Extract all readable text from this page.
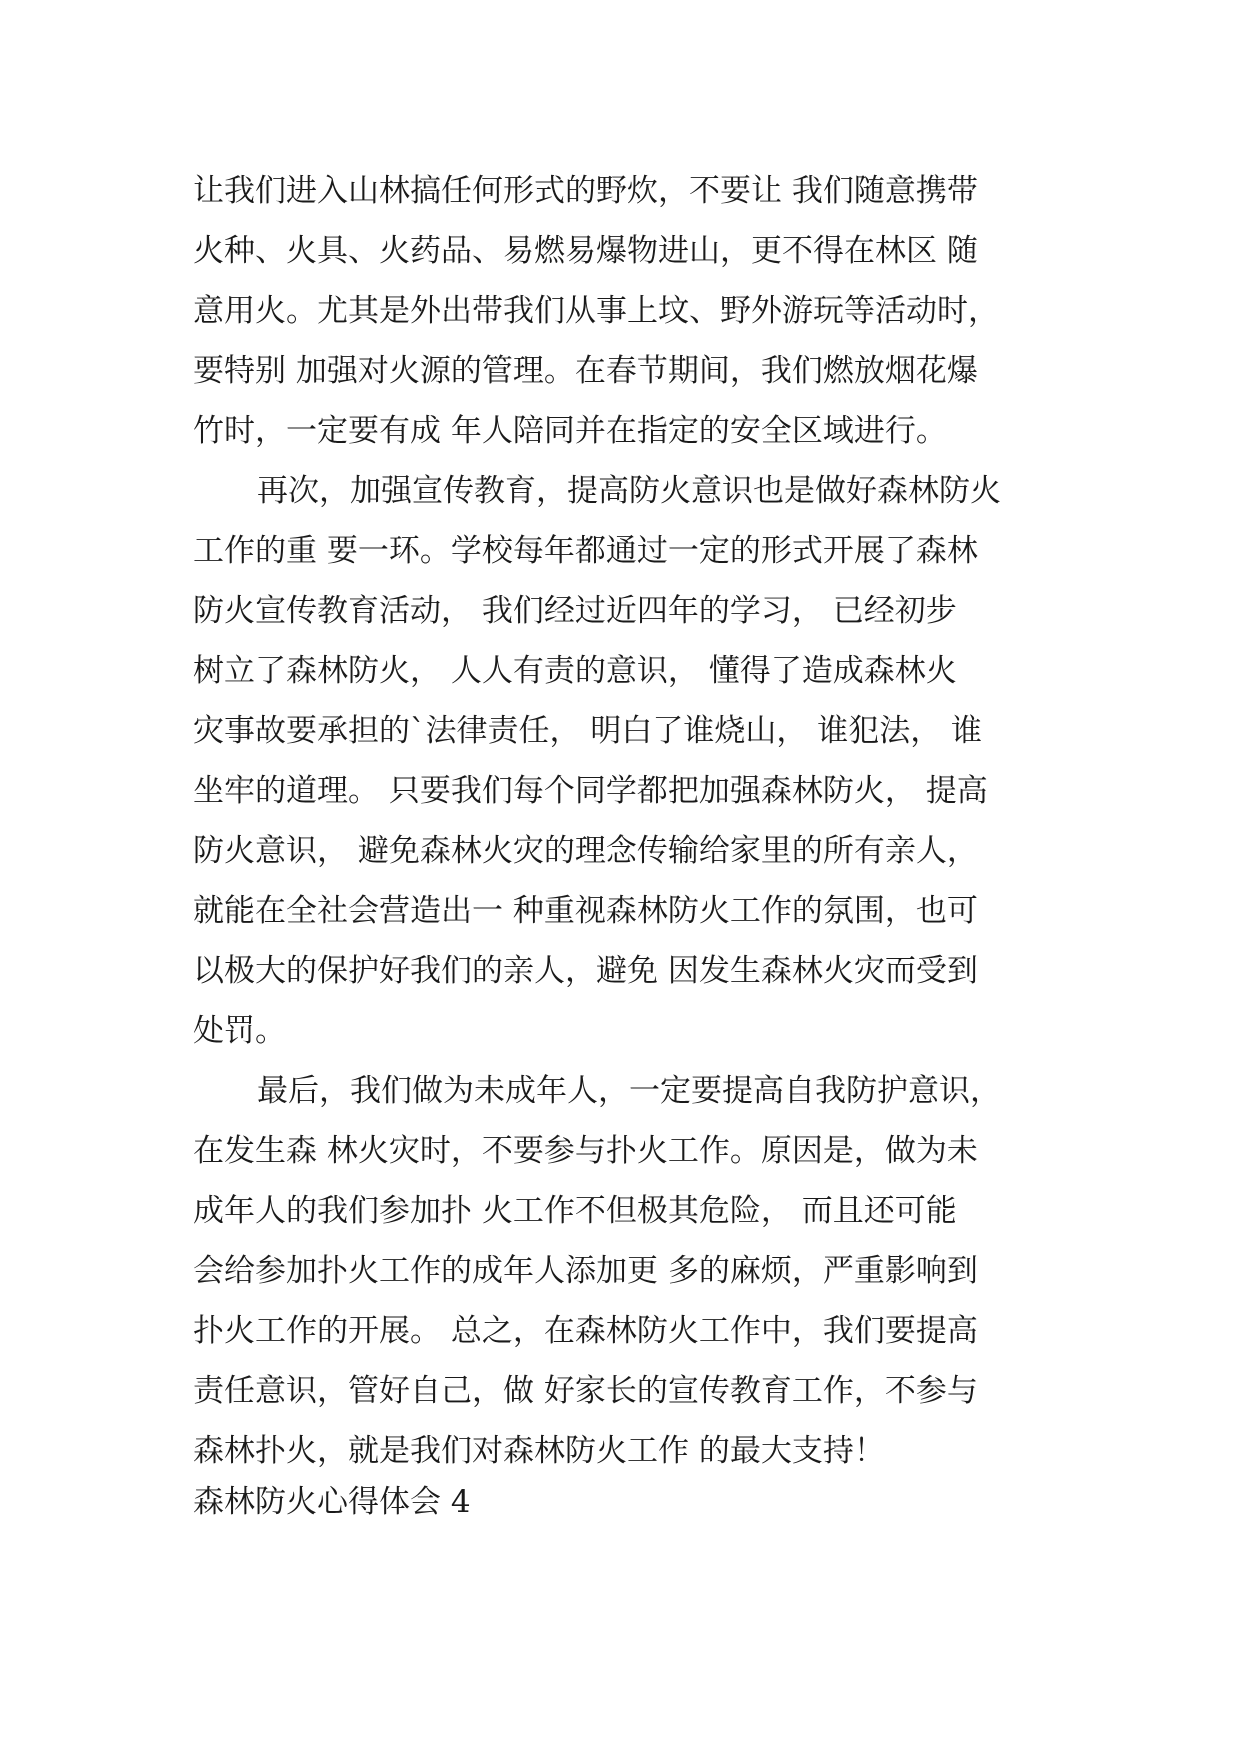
让我们进入山林搞任何形式的野炊，不要让 我们随意携带
火种、火具、火药品、易燃易爆物进山，更不得在林区 随
意用火。尤其是外出带我们从事上坟、野外游玩等活动时，
要特别 加强对火源的管理。在春节期间，我们燃放烟花爆
竹时，一定要有成 年人陪同并在指定的安全区域进行。
再次，加强宣传教育，提高防火意识也是做好森林防火
工作的重 要一环。学校每年都通过一定的形式开展了森林
防火宣传教育活动， 我们经过近四年的学习， 已经初步
树立了森林防火， 人人有责的意识， 懂得了造成森林火
灾事故要承担的`法律责任， 明白了谁烧山， 谁犯法， 谁
坐牢的道理。 只要我们每个同学都把加强森林防火， 提高
防火意识， 避免森林火灾的理念传输给家里的所有亲人，
就能在全社会营造出一 种重视森林防火工作的氛围，也可
以极大的保护好我们的亲人，避免 因发生森林火灾而受到
处罚。
最后，我们做为未成年人，一定要提高自我防护意识，
在发生森 林火灾时，不要参与扑火工作。原因是，做为未
成年人的我们参加扑 火工作不但极其危险， 而且还可能
会给参加扑火工作的成年人添加更 多的麻烦，严重影响到
扑火工作的开展。 总之，在森林防火工作中，我们要提高
责任意识，管好自己，做 好家长的宣传教育工作，不参与
森林扑火，就是我们对森林防火工作 的最大支持！
森林防火心得体会 4
